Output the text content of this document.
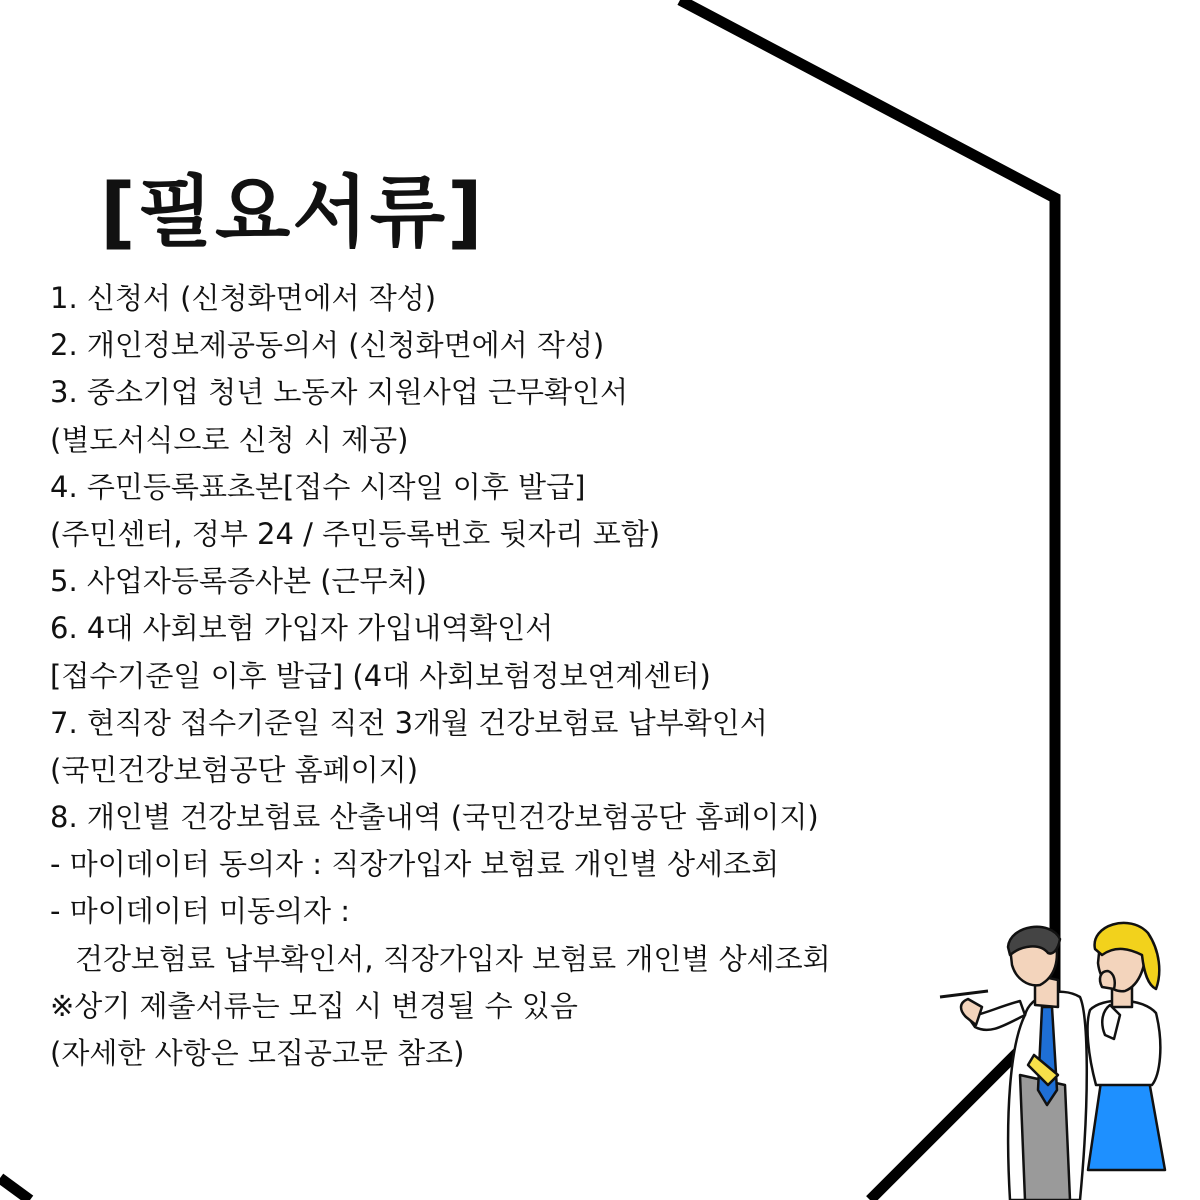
[필요서류]
1. 신청서 (신청화면에서 작성)
2. 개인정보제공동의서 (신청화면에서 작성)
3. 중소기업 청년 노동자 지원사업 근무확인서
(별도서식으로 신청 시 제공)
4. 주민등록표초본[접수 시작일 이후 발급]
(주민센터, 정부 24 / 주민등록번호 뒷자리 포함)
5. 사업자등록증사본 (근무처)
6. 4대 사회보험 가입자 가입내역확인서
[접수기준일 이후 발급] (4대 사회보험정보연계센터)
7. 현직장 접수기준일 직전 3개월 건강보험료 납부확인서
(국민건강보험공단 홈페이지)
8. 개인별 건강보험료 산출내역 (국민건강보험공단 홈페이지)
- 마이데이터 동의자 : 직장가입자 보험료 개인별 상세조회
- 마이데이터 미동의자 :
건강보험료 납부확인서, 직장가입자 보험료 개인별 상세조회
※상기 제출서류는 모집 시 변경될 수 있음
(자세한 사항은 모집공고문 참조)
